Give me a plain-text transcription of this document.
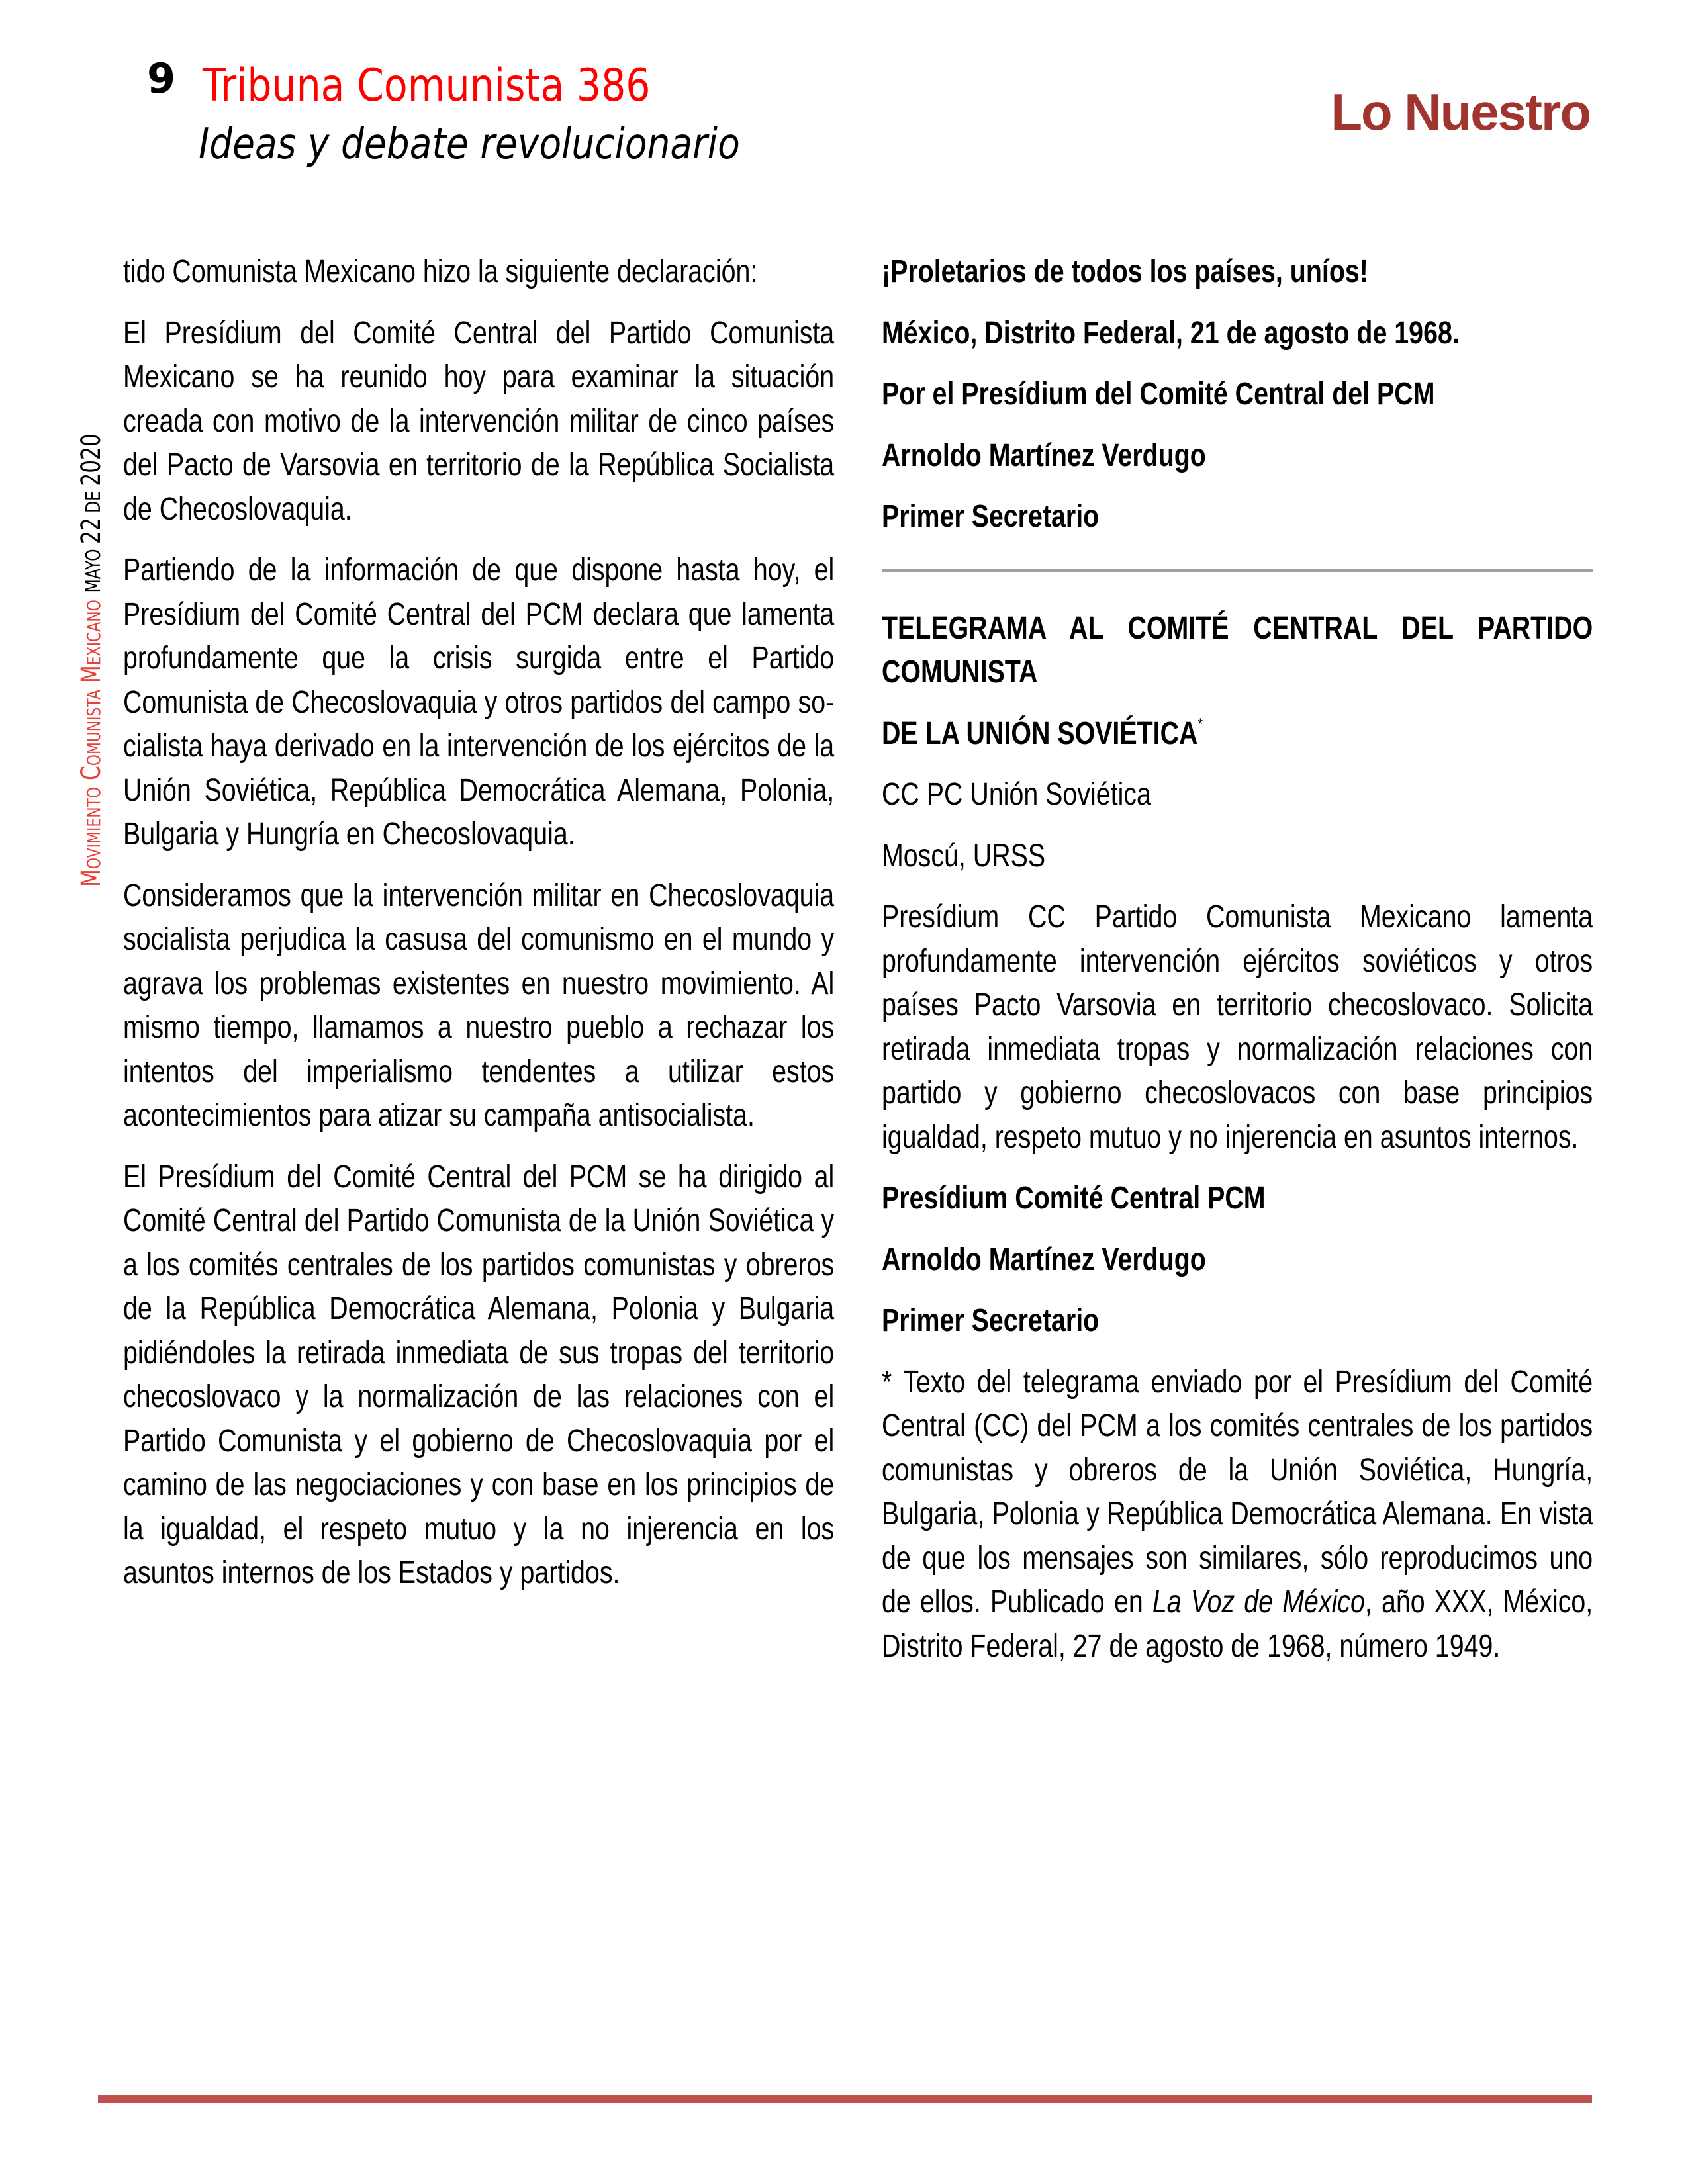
9 Tribuna Comunista 386
Ideas y debate revolucionario
Lo Nuestro
Movimiento Comunista MexicanoMAYO 22 DE 2020

tido Comunista Mexicano hizo la siguiente declaración:

El Presídium del Comité Central del Partido Comunista Mexicano se ha reunido hoy para examinar la situación creada con motivo de la intervención militar de cinco países del Pacto de Varsovia en territorio de la República Socialista de Checoslovaquia.

Partiendo de la información de que dispone hasta hoy, el Presídium del Comité Central del PCM declara que lamenta profundamente que la crisis surgida entre el Partido Comunista de Checoslovaquia y otros partidos del campo socialista haya derivado en la intervención de los ejércitos de la Unión Soviética, República Democrática Alemana, Polonia, Bulgaria y Hungría en Checoslovaquia.

Consideramos que la intervención militar en Checoslovaquia socialista perjudica la casusa del comunismo en el mundo y agrava los problemas existentes en nuestro movimiento. Al mismo tiempo, llamamos a nuestro pueblo a rechazar los intentos del imperialismo tendentes a utilizar estos acontecimientos para atizar su campaña antisocialista.

El Presídium del Comité Central del PCM se ha dirigido al Comité Central del Partido Comunista de la Unión Soviética y a los comités centrales de los partidos comunistas y obreros de la República Democrática Alemana, Polonia y Bulgaria pidiéndoles la retirada inmediata de sus tropas del territorio checoslovaco y la normalización de las relaciones con el Partido Comunista y el gobierno de Checoslovaquia por el camino de las negociaciones y con base en los principios de la igualdad, el respeto mutuo y la no injerencia en los asuntos internos de los Estados y partidos.

¡Proletarios de todos los países, uníos!

México, Distrito Federal, 21 de agosto de 1968.

Por el Presídium del Comité Central del PCM

Arnoldo Martínez Verdugo

Primer Secretario

TELEGRAMA AL COMITÉ CENTRAL DEL PARTIDO COMUNISTA

DE LA UNIÓN SOVIÉTICA*

CC PC Unión Soviética

Moscú, URSS

Presídium CC Partido Comunista Mexicano lamenta profundamente intervención ejércitos soviéticos y otros países Pacto Varsovia en territorio checoslovaco. Solicita retirada inmediata tropas y normalización relaciones con partido y gobierno checoslovacos con base principios igualdad, respeto mutuo y no injerencia en asuntos internos.

Presídium Comité Central PCM

Arnoldo Martínez Verdugo

Primer Secretario

* Texto del telegrama enviado por el Presídium del Comité Central (CC) del PCM a los comités centrales de los partidos comunistas y obreros de la Unión Soviética, Hungría, Bulgaria, Polonia y República Democrática Alemana. En vista de que los mensajes son similares, sólo reproducimos uno de ellos. Publicado en La Voz de México, año XXX, México, Distrito Federal, 27 de agosto de 1968, número 1949.
